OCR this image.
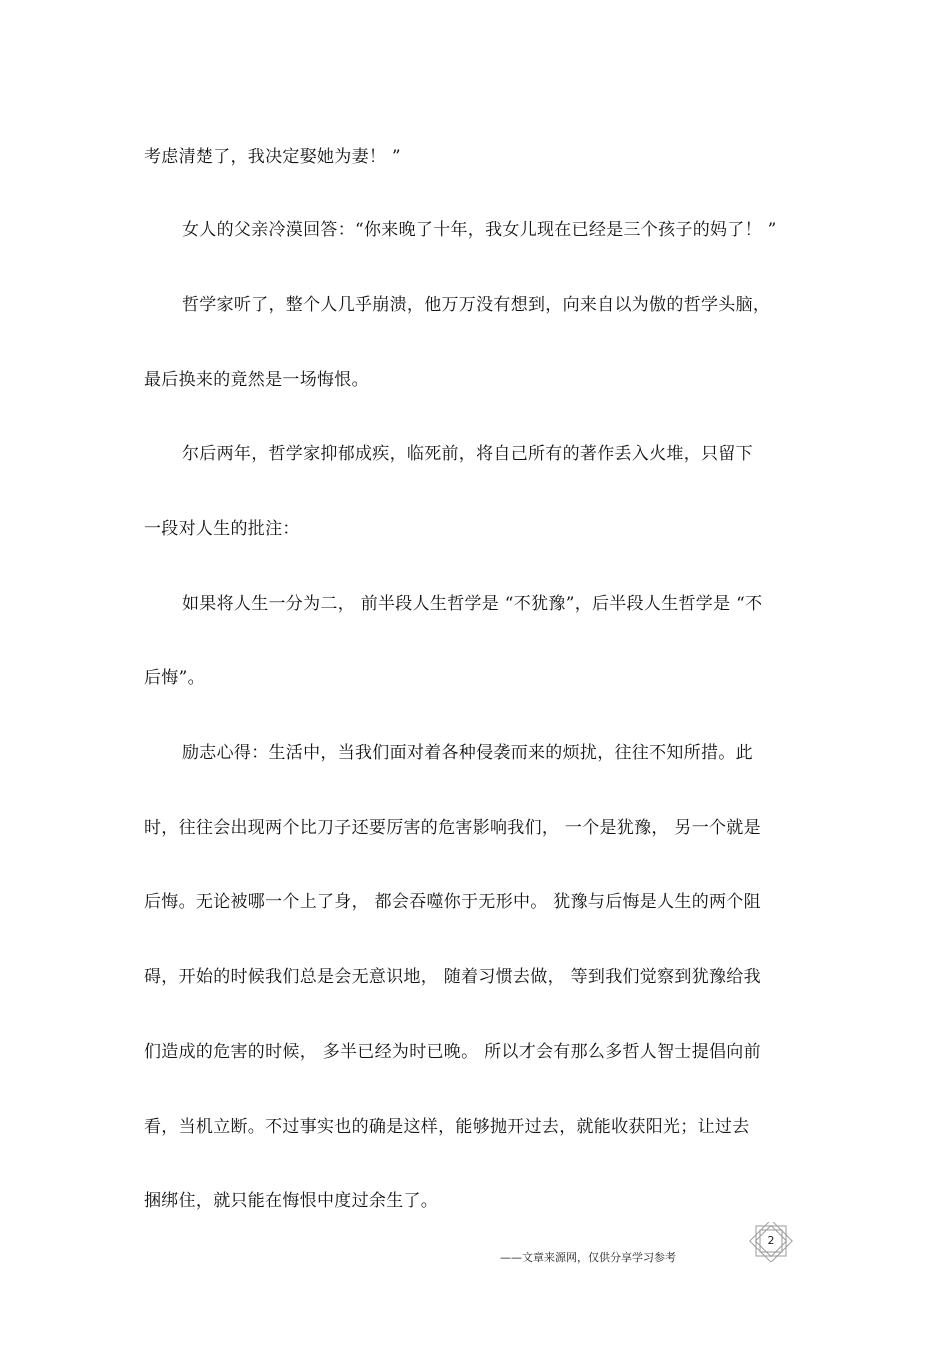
考虑清楚了，我决定娶她为妻！ ”
女人的父亲冷漠回答：“你来晚了十年，我女儿现在已经是三个孩子的妈了！ ”
哲学家听了，整个人几乎崩溃，他万万没有想到，向来自以为傲的哲学头脑，
最后换来的竟然是一场悔恨。
尔后两年，哲学家抑郁成疾，临死前，将自己所有的著作丢入火堆，只留下
一段对人生的批注：
如果将人生一分为二， 前半段人生哲学是 “不犹豫”，后半段人生哲学是 “不
后悔”。
励志心得：生活中，当我们面对着各种侵袭而来的烦扰，往往不知所措。此
时，往往会出现两个比刀子还要厉害的危害影响我们， 一个是犹豫， 另一个就是
后悔。无论被哪一个上了身， 都会吞噬你于无形中。 犹豫与后悔是人生的两个阻
碍，开始的时候我们总是会无意识地， 随着习惯去做， 等到我们觉察到犹豫给我
们造成的危害的时候， 多半已经为时已晚。 所以才会有那么多哲人智士提倡向前
看，当机立断。不过事实也的确是这样，能够抛开过去，就能收获阳光；让过去
捆绑住，就只能在悔恨中度过余生了。
——文章来源网，仅供分享学习参考
2
